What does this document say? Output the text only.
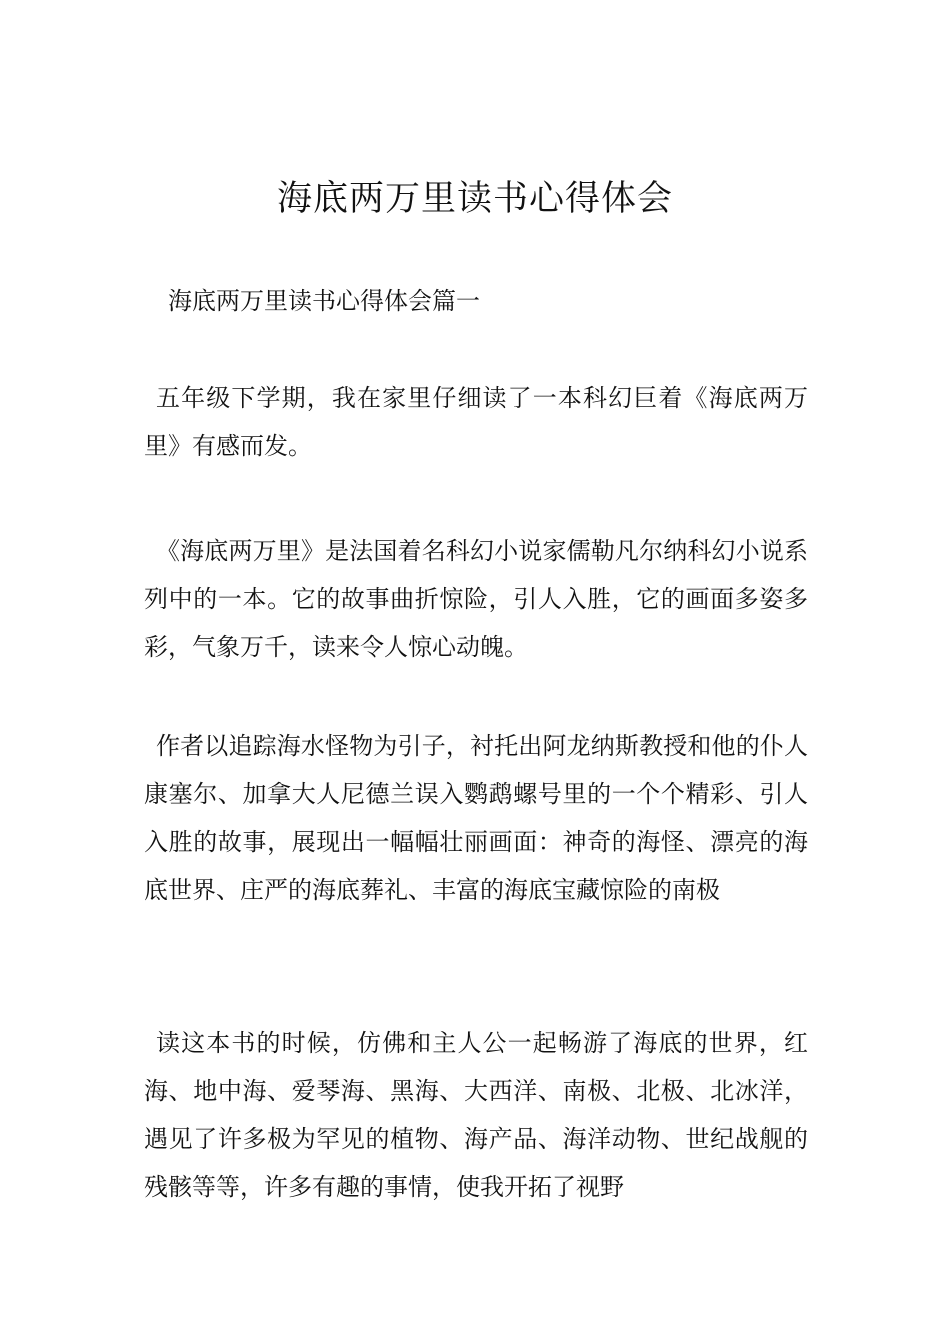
海底两万里读书心得体会

海底两万里读书心得体会篇一

五年级下学期，我在家里仔细读了一本科幻巨着《海底两万里》有感而发。

《海底两万里》是法国着名科幻小说家儒勒凡尔纳科幻小说系列中的一本。它的故事曲折惊险，引人入胜，它的画面多姿多彩，气象万千，读来令人惊心动魄。

作者以追踪海水怪物为引子，衬托出阿龙纳斯教授和他的仆人康塞尔、加拿大人尼德兰误入鹦鹉螺号里的一个个精彩、引人入胜的故事，展现出一幅幅壮丽画面：神奇的海怪、漂亮的海底世界、庄严的海底葬礼、丰富的海底宝藏惊险的南极

读这本书的时候，仿佛和主人公一起畅游了海底的世界，红海、地中海、爱琴海、黑海、大西洋、南极、北极、北冰洋，遇见了许多极为罕见的植物、海产品、海洋动物、世纪战舰的残骸等等，许多有趣的事情，使我开拓了视野
